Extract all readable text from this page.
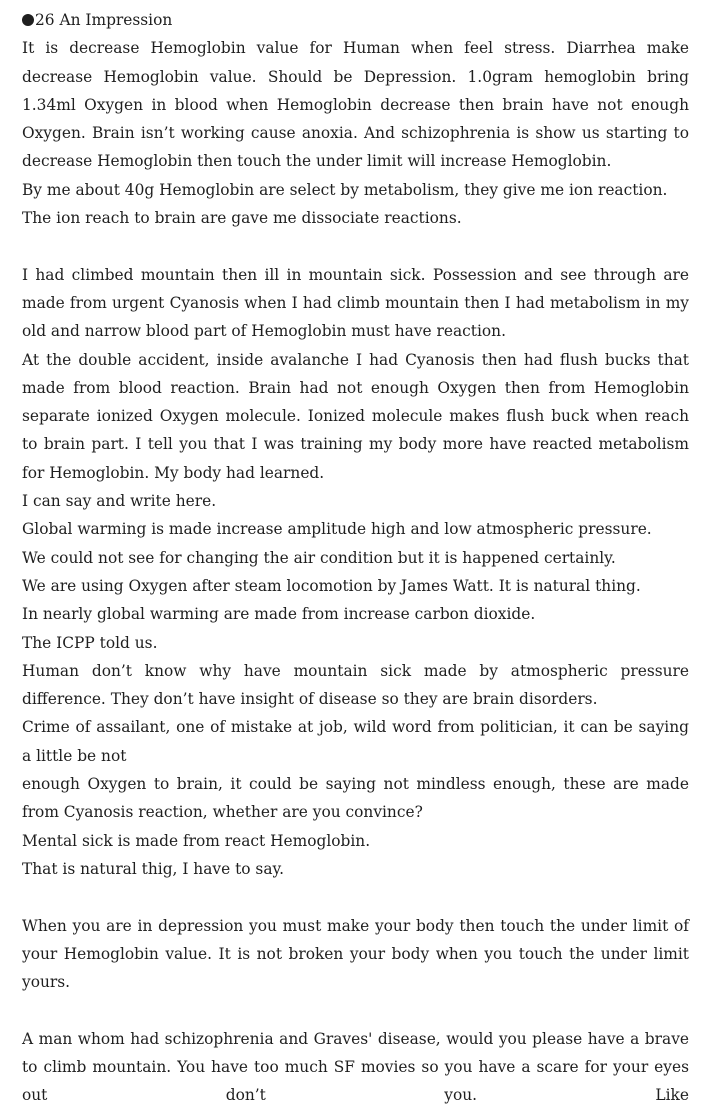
26 An Impression

It is decrease Hemoglobin value for Human when feel stress. Diarrhea make decrease Hemoglobin value. Should be Depression. 1.0gram hemoglobin bring 1.34ml Oxygen in blood when Hemoglobin decrease then brain have not enough Oxygen. Brain isn’t working cause anoxia. And schizophrenia is show us starting to decrease Hemoglobin then touch the under limit will increase Hemoglobin.

By me about 40g Hemoglobin are select by metabolism, they give me ion reaction.

The ion reach to brain are gave me dissociate reactions.

I had climbed mountain then ill in mountain sick. Possession and see through are made from urgent Cyanosis when I had climb mountain then I had metabolism in my old and narrow blood part of Hemoglobin must have reaction.

At the double accident, inside avalanche I had Cyanosis then had flush bucks that made from blood reaction. Brain had not enough Oxygen then from Hemoglobin separate ionized Oxygen molecule. Ionized molecule makes flush buck when reach to brain part. I tell you that I was training my body more have reacted metabolism for Hemoglobin. My body had learned.

I can say and write here.

Global warming is made increase amplitude high and low atmospheric pressure.

We could not see for changing the air condition but it is happened certainly.

We are using Oxygen after steam locomotion by James Watt. It is natural thing.

In nearly global warming are made from increase carbon dioxide.

The ICPP told us.

Human don’t know why have mountain sick made by atmospheric pressure difference. They don’t have insight of disease so they are brain disorders.

Crime of assailant, one of mistake at job, wild word from politician, it can be saying a little be not

enough Oxygen to brain, it could be saying not mindless enough, these are made from Cyanosis reaction, whether are you convince?

Mental sick is made from react Hemoglobin.

That is natural thig, I have to say.

When you are in depression you must make your body then touch the under limit of your Hemoglobin value. It is not broken your body when you touch the under limit yours.

A man whom had schizophrenia and Graves' disease, would you please have a brave to climb mountain. You have too much SF movies so you have a scare for your eyes out don’t you. Like
